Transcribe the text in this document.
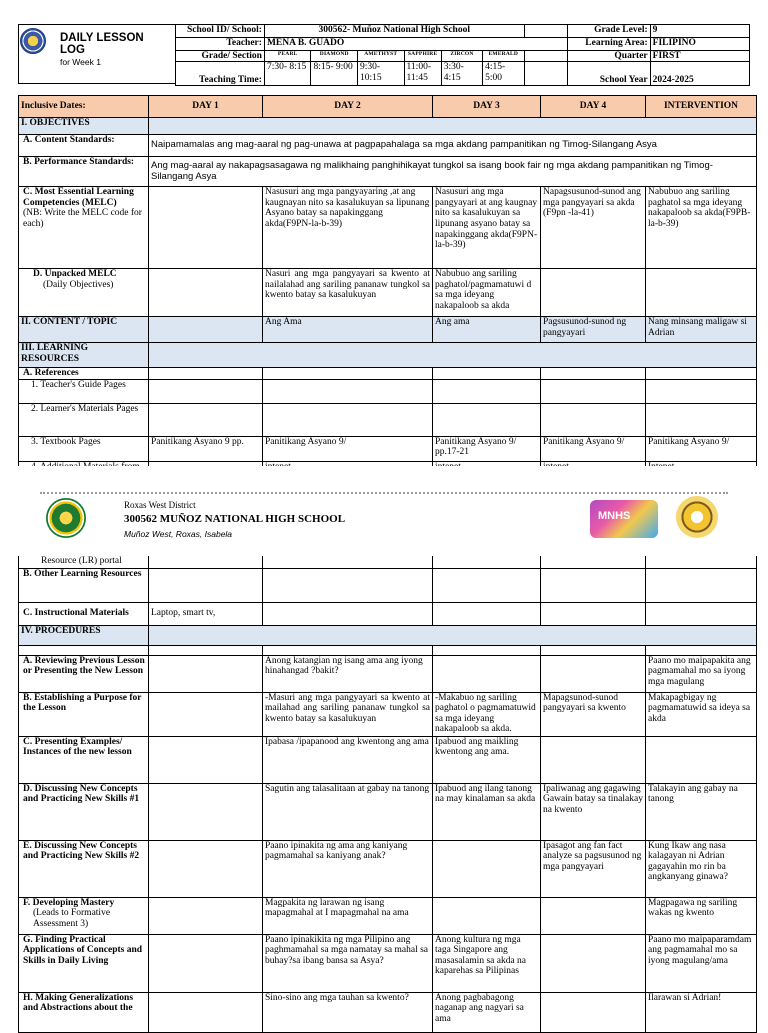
DAILY LESSON
LOG
for Week 1
School ID/ School:	300562- Muñoz National High School							Grade Level:	9
Teacher:	MENA B. GUADO							Learning Area:	FILIPINO
Grade/ Section	PEARL	DIAMOND	AMETHYST	SAPPHIRE	ZIRCON	EMERALD		Quarter	FIRST
Teaching Time:	7:30- 8:15	8:15- 9:00	9:30- 10:15	11:00- 11:45	3:30- 4:15	4:15- 5:00		School Year	2024-2025
Inclusive Dates:	DAY 1	DAY 2	DAY 3	DAY 4	INTERVENTION
I. OBJECTIVES					
A. Content Standards:	Naipamamalas ang mag-aaral ng pag-unawa at pagpapahalaga sa mga akdang pampanitikan ng Timog-Silangang Asya				
B. Performance Standards:	Ang mag-aaral ay nakapagsasagawa ng malikhaing panghihikayat tungkol sa isang book fair ng mga akdang pampanitikan ng Timog-Silangang Asya				

C. Most Essential Learning Competencies (MELC)
(NB: Write the MELC code for each)		Nasusuri ang mga pangyayaring ,at ang kaugnayan nito sa kasalukuyan sa lipunang Asyano batay sa napakinggang akda(F9PN-la-b-39)	Nasusuri ang mga pangyayari at ang kaugnay nito sa kasalukuyan sa lipunang asyano batay sa napakinggang akda(F9PN-la-b-39)	Napagsusunod-sunod ang mga pangyayari sa akda (F9pn -la-41)	Nabubuo ang sariling paghatol sa mga ideyang nakapaloob sa akda(F9PB-la-b-39)

D. Unpacked MELC
(Daily Objectives)		Nasuri ang mga pangyayari sa kwento at nailalahad ang sariling pananaw tungkol sa kwento batay sa kasalukuyan	Nabubuo ang sariling paghatol/pagmamatuwi d sa mga ideyang nakapaloob sa akda		
II. CONTENT / TOPIC		Ang Ama	Ang ama	Pagsusunod-sunod ng pangyayari	Nang minsang maligaw si Adrian
III. LEARNING RESOURCES					
A. References					
1. Teacher's Guide Pages					
2. Learner's Materials Pages					
3. Textbook Pages	Panitikang Asyano 9 pp.	Panitikang Asyano 9/	Panitikang Asyano 9/ pp.17-21	Panitikang Asyano 9/	Panitikang Asyano 9/

Roxas West District
300562 MUÑOZ NATIONAL HIGH SCHOOL
Muñoz West, Roxas, Isabela
MNHS
Resource (LR) portal					
B. Other Learning Resources					
C. Instructional Materials	Laptop, smart tv,				
IV. PROCEDURES					

A. Reviewing Previous Lesson or Presenting the New Lesson		Anong katangian ng isang ama ang iyong hinahangad ?bakit?			Paano mo maipapakita ang pagmamahal mo sa iyong mga magulang
B. Establishing a Purpose for the Lesson		-Masuri ang mga pangyayari sa kwento at mailahad ang sariling pananaw tungkol sa kwento batay sa kasalukuyan	-Makabuo ng sariling paghatol o pagmamatuwid sa mga ideyang nakapaloob sa akda.	Mapagsunod-sunod pangyayari sa kwento	Makapagbigay ng pagmamatuwid sa ideya sa akda
C. Presenting Examples/ Instances of the new lesson		Ipabasa /ipapanood ang kwentong ang ama	Ipabuod ang maikling kwentong ang ama.		
D. Discussing New Concepts and Practicing New Skills #1		Sagutin ang talasalitaan at gabay na tanong	Ipabuod ang ilang tanong na may kinalaman sa akda	Ipaliwanag ang gagawing Gawain batay sa tinalakay na kwento	Talakayin ang gabay na tanong
E. Discussing New Concepts and Practicing New Skills #2		Paano ipinakita ng ama ang kaniyang pagmamahal sa kaniyang anak?		Ipasagot ang fan fact analyze sa pagsusunod ng mga pangyayari	Kung Ikaw ang nasa kalagayan ni Adrian gagayahin mo rin ba angkanyang ginawa?

F. Developing Mastery
(Leads to Formative Assessment 3)		Magpakita ng larawan ng isang mapagmahal at I mapagmahal na ama			Magpagawa ng sariling wakas ng kwento
G. Finding Practical Applications of Concepts and Skills in Daily Living		Paano ipinakikita ng mga Pilipino ang paghmamahal sa mga namatay sa mahal sa buhay?sa ibang bansa sa Asya?	Anong kultura ng mga taga Singapore ang masasalamin sa akda na kaparehas sa Pilipinas		Paano mo maipaparamdam ang pagmamahal mo sa iyong magulang/ama
H. Making Generalizations and Abstractions about the		Sino-sino ang mga tauhan sa kwento?	Anong pagbabagong naganap ang nagyari sa ama		Ilarawan si Adrian!
